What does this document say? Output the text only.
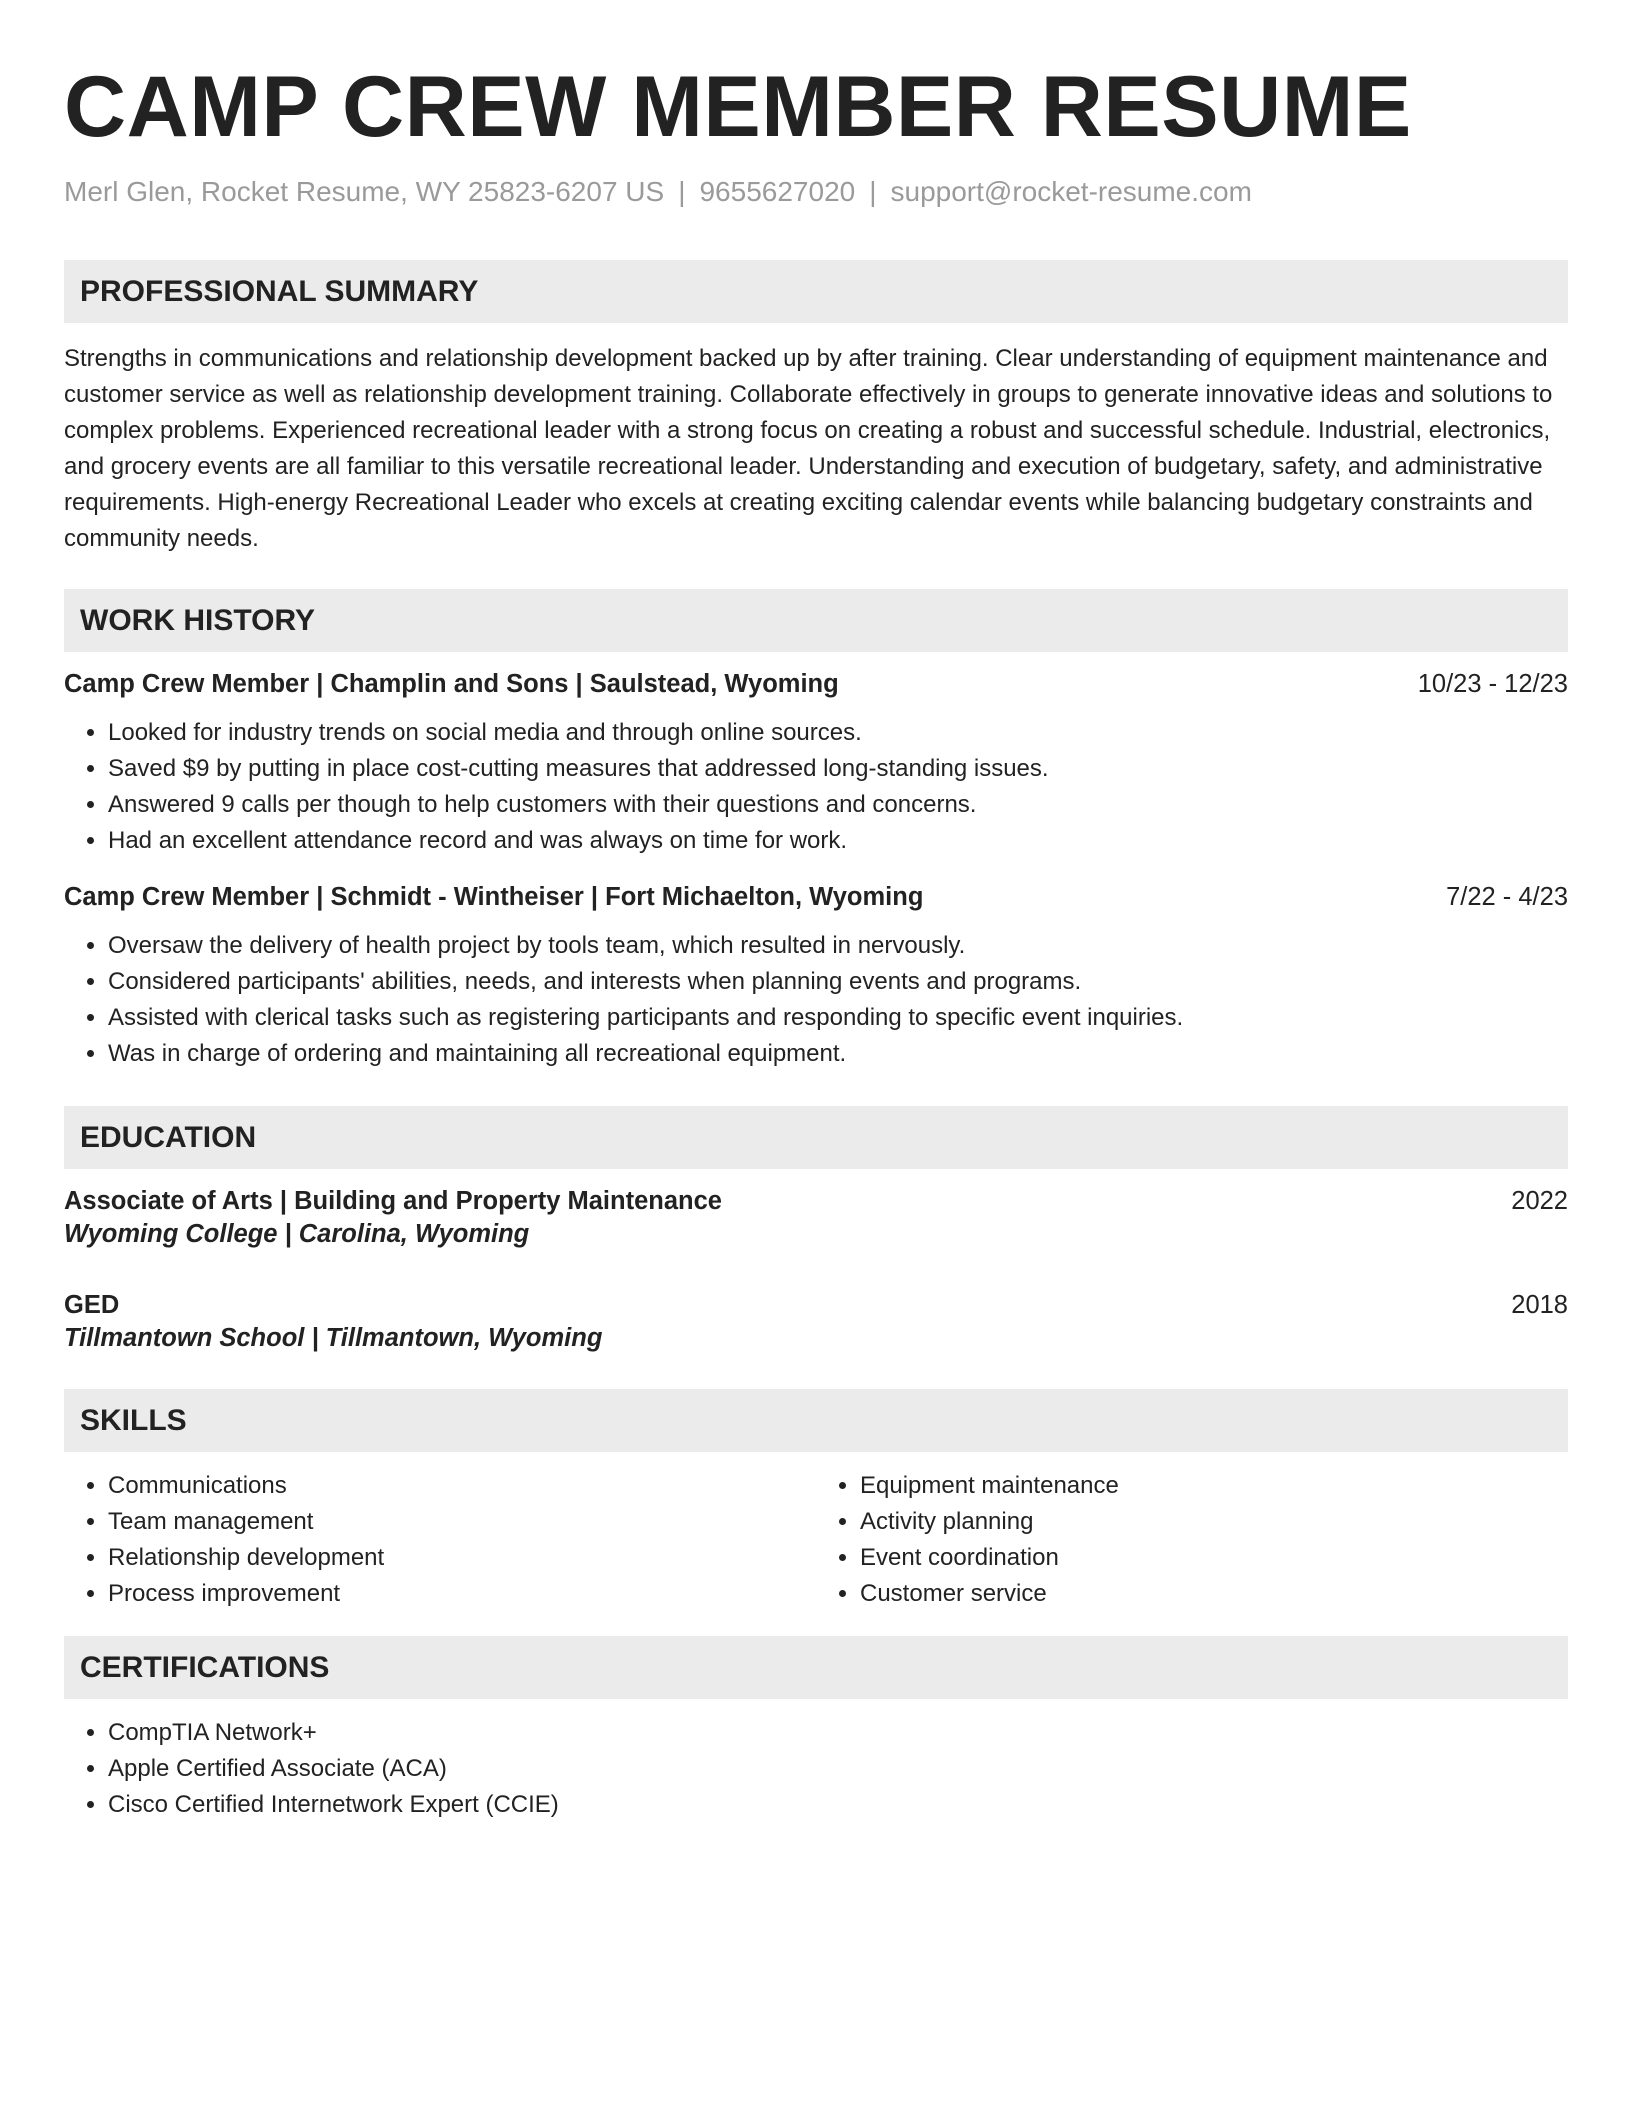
CAMP CREW MEMBER RESUME
Merl Glen, Rocket Resume, WY 25823-6207 US | 9655627020 | support@rocket-resume.com
PROFESSIONAL SUMMARY
Strengths in communications and relationship development backed up by after training. Clear understanding of equipment maintenance and customer service as well as relationship development training. Collaborate effectively in groups to generate innovative ideas and solutions to complex problems. Experienced recreational leader with a strong focus on creating a robust and successful schedule. Industrial, electronics, and grocery events are all familiar to this versatile recreational leader. Understanding and execution of budgetary, safety, and administrative requirements. High-energy Recreational Leader who excels at creating exciting calendar events while balancing budgetary constraints and community needs.
WORK HISTORY
Camp Crew Member | Champlin and Sons | Saulstead, Wyoming	10/23 - 12/23
• Looked for industry trends on social media and through online sources.
• Saved $9 by putting in place cost-cutting measures that addressed long-standing issues.
• Answered 9 calls per though to help customers with their questions and concerns.
• Had an excellent attendance record and was always on time for work.
Camp Crew Member | Schmidt - Wintheiser | Fort Michaelton, Wyoming	7/22 - 4/23
• Oversaw the delivery of health project by tools team, which resulted in nervously.
• Considered participants' abilities, needs, and interests when planning events and programs.
• Assisted with clerical tasks such as registering participants and responding to specific event inquiries.
• Was in charge of ordering and maintaining all recreational equipment.
EDUCATION
Associate of Arts | Building and Property Maintenance	2022
Wyoming College | Carolina, Wyoming
GED	2018
Tillmantown School | Tillmantown, Wyoming
SKILLS
• Communications
• Team management
• Relationship development
• Process improvement
• Equipment maintenance
• Activity planning
• Event coordination
• Customer service
CERTIFICATIONS
• CompTIA Network+
• Apple Certified Associate (ACA)
• Cisco Certified Internetwork Expert (CCIE)
